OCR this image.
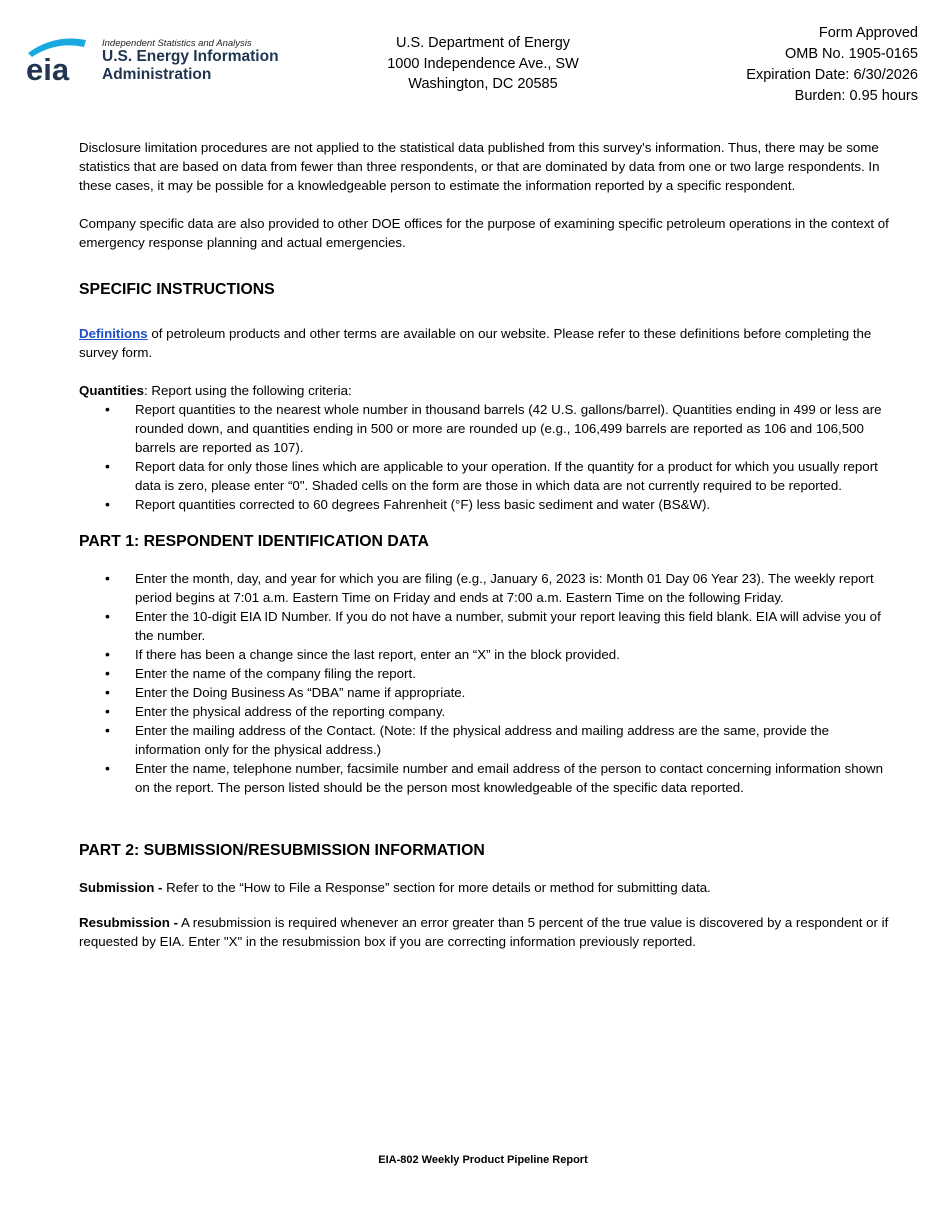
eia
Independent Statistics and Analysis
U.S. Energy Information
Administration
U.S. Department of Energy
1000 Independence Ave., SW
Washington, DC 20585
Form Approved
OMB No. 1905-0165
Expiration Date: 6/30/2026
Burden: 0.95 hours

Disclosure limitation procedures are not applied to the statistical data published from this survey's information. Thus, there may be some statistics that are based on data from fewer than three respondents, or that are dominated by data from one or two large respondents. In these cases, it may be possible for a knowledgeable person to estimate the information reported by a specific respondent.

Company specific data are also provided to other DOE offices for the purpose of examining specific petroleum operations in the context of emergency response planning and actual emergencies.

SPECIFIC INSTRUCTIONS

Definitions of petroleum products and other terms are available on our website. Please refer to these definitions before completing the survey form.

Quantities: Report using the following criteria:

• Report quantities to the nearest whole number in thousand barrels (42 U.S. gallons/barrel). Quantities ending in 499 or less are rounded down, and quantities ending in 500 or more are rounded up (e.g., 106,499 barrels are reported as 106 and 106,500 barrels are reported as 107).
• Report data for only those lines which are applicable to your operation. If the quantity for a product for which you usually report data is zero, please enter “0". Shaded cells on the form are those in which data are not currently required to be reported.
• Report quantities corrected to 60 degrees Fahrenheit (°F) less basic sediment and water (BS&W).
PART 1: RESPONDENT IDENTIFICATION DATA
• Enter the month, day, and year for which you are filing (e.g., January 6, 2023 is: Month 01 Day 06 Year 23). The weekly report period begins at 7:01 a.m. Eastern Time on Friday and ends at 7:00 a.m. Eastern Time on the following Friday.
• Enter the 10-digit EIA ID Number. If you do not have a number, submit your report leaving this field blank. EIA will advise you of the number.
• If there has been a change since the last report, enter an “X” in the block provided.
• Enter the name of the company filing the report.
• Enter the Doing Business As “DBA” name if appropriate.
• Enter the physical address of the reporting company.
• Enter the mailing address of the Contact. (Note: If the physical address and mailing address are the same, provide the information only for the physical address.)
• Enter the name, telephone number, facsimile number and email address of the person to contact concerning information shown on the report. The person listed should be the person most knowledgeable of the specific data reported.
PART 2: SUBMISSION/RESUBMISSION INFORMATION

Submission - Refer to the “How to File a Response” section for more details or method for submitting data.

Resubmission - A resubmission is required whenever an error greater than 5 percent of the true value is discovered by a respondent or if requested by EIA. Enter "X" in the resubmission box if you are correcting information previously reported.

EIA-802 Weekly Product Pipeline Report
